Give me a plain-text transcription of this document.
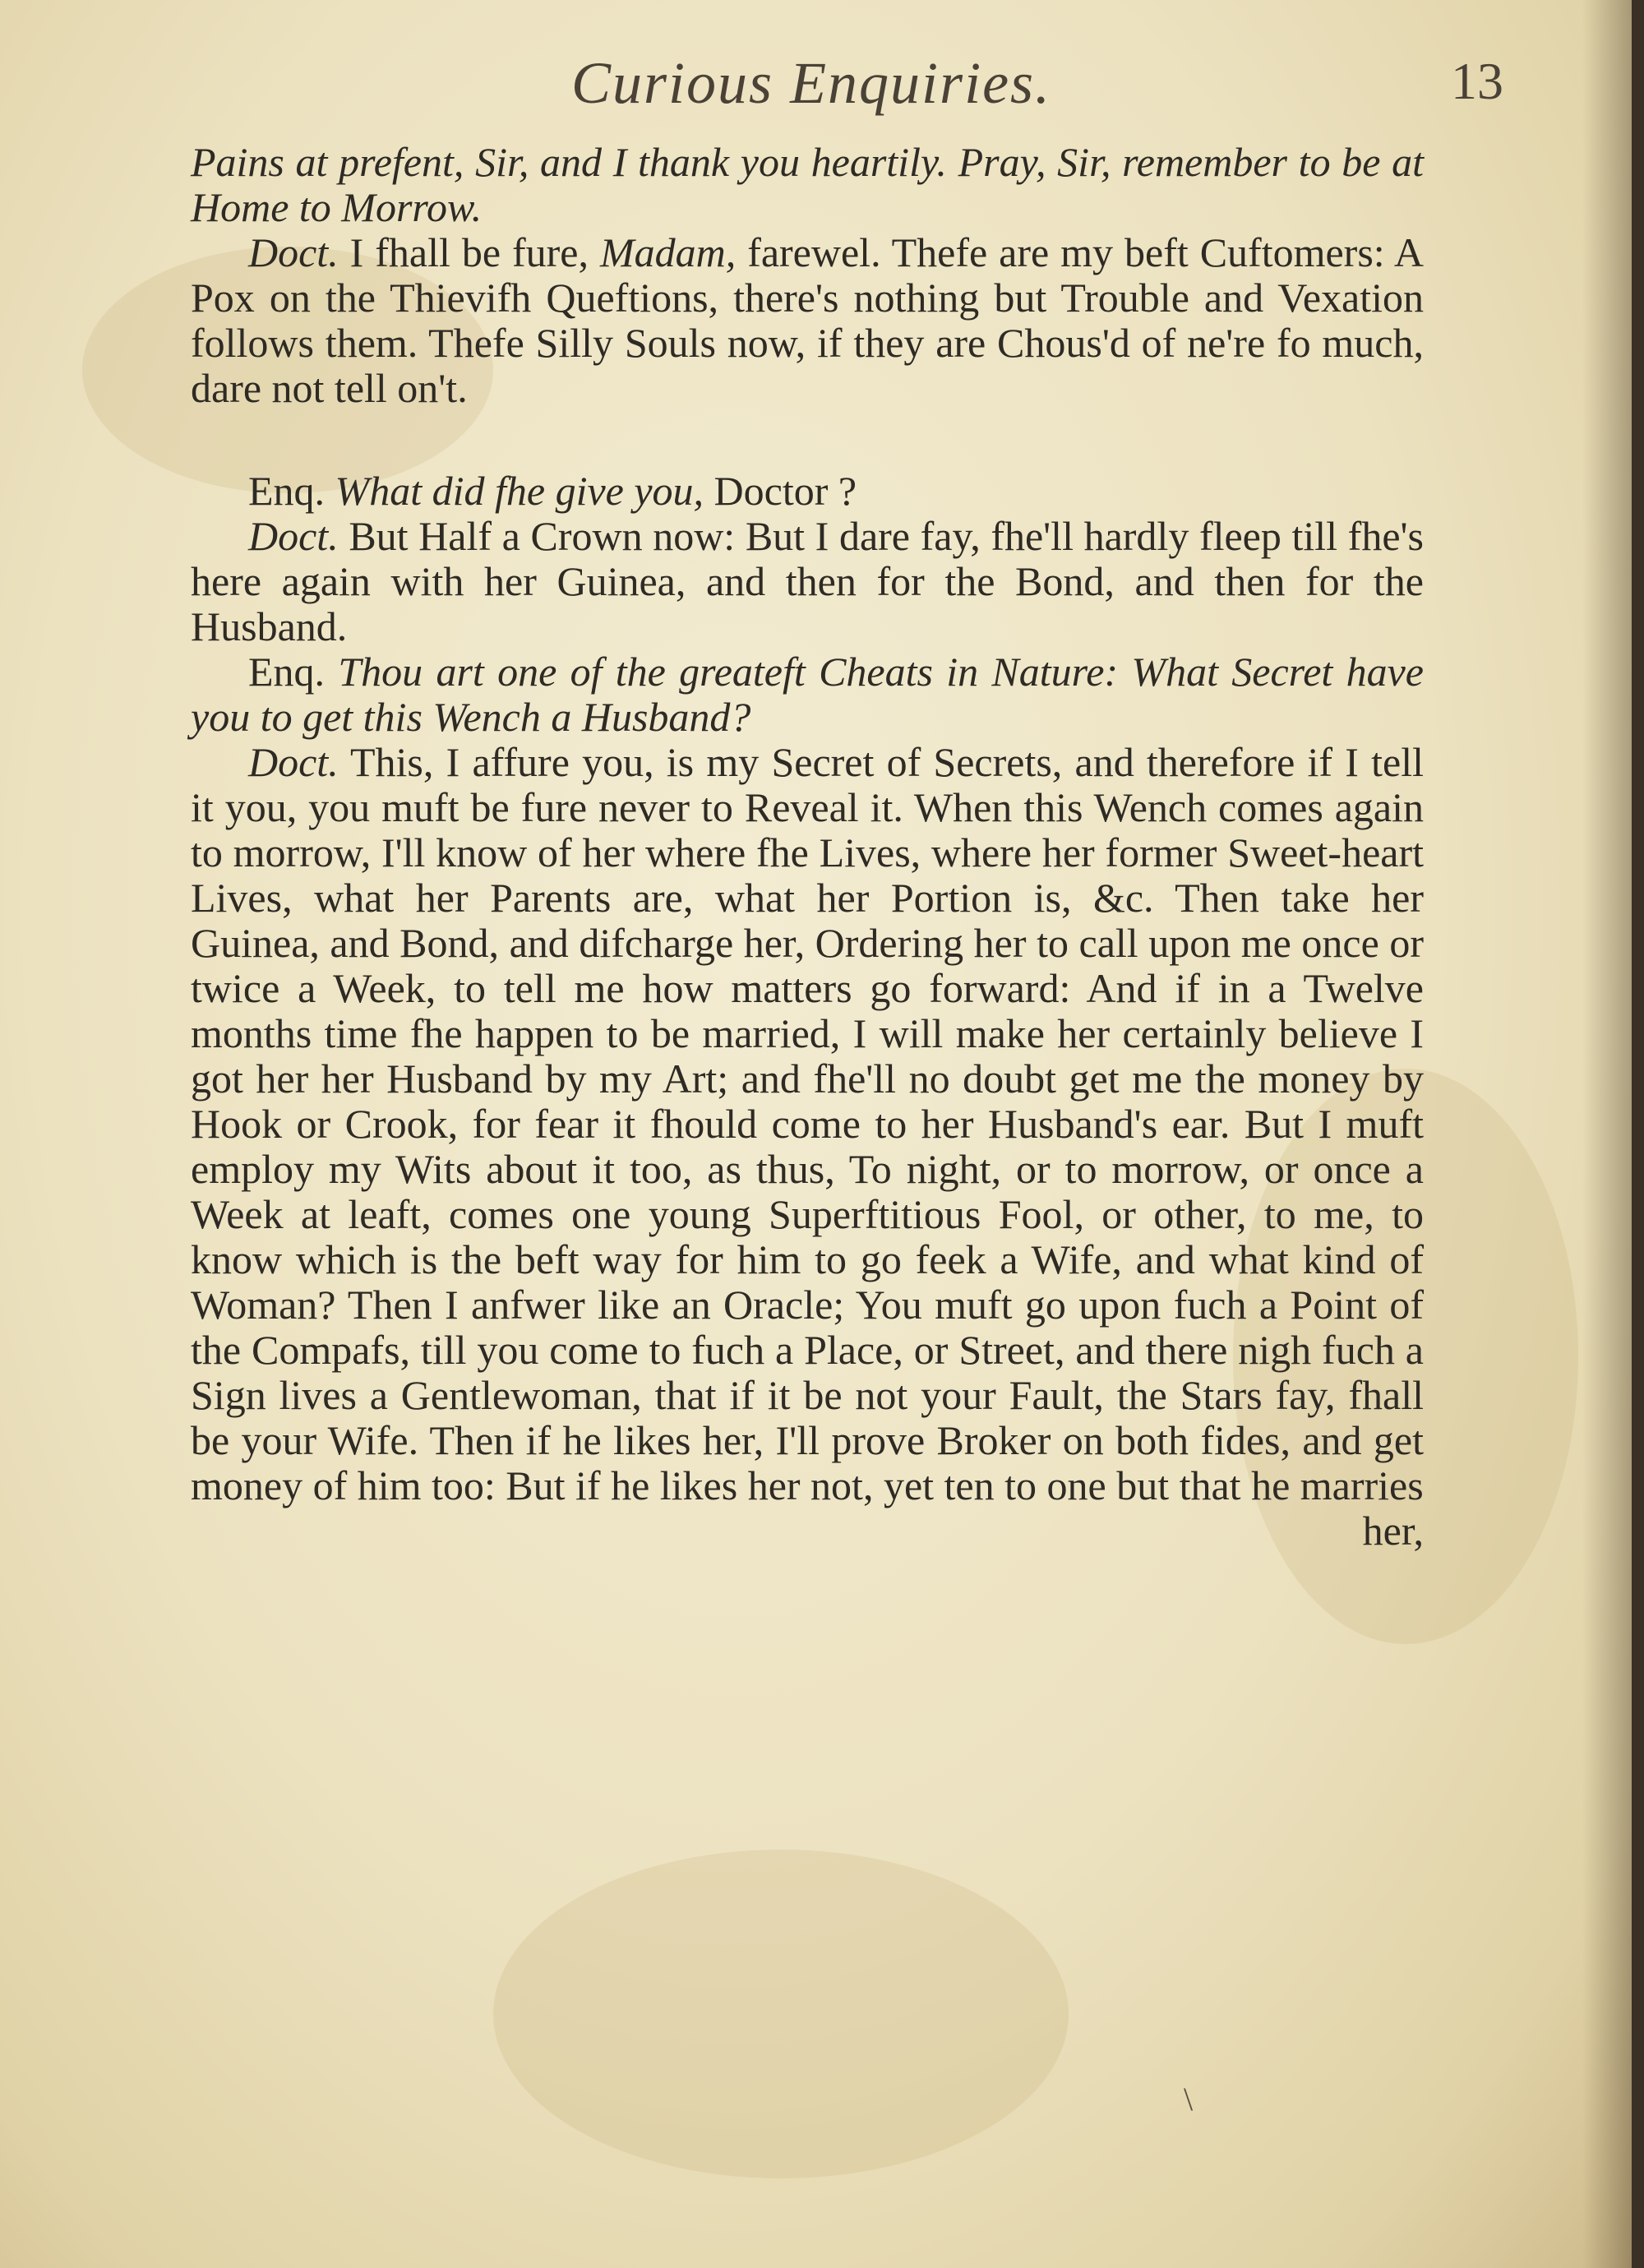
Curious Enquiries.	13

Pains at prefent, Sir, and I thank you heartily. Pray, Sir, remember to be at Home to Morrow.

Doct. I fhall be fure, Madam, farewel. Thefe are my beft Cuftomers: A Pox on the Thievifh Queftions, there's nothing but Trouble and Vexation follows them. Thefe Silly Souls now, if they are Chous'd of ne're fo much, dare not tell on't.

Enq. What did fhe give you, Doctor ?

Doct. But Half a Crown now: But I dare fay, fhe'll hardly fleep till fhe's here again with her Guinea, and then for the Bond, and then for the Husband.

Enq. Thou art one of the greateft Cheats in Nature: What Secret have you to get this Wench a Husband?

Doct. This, I affure you, is my Secret of Secrets, and therefore if I tell it you, you muft be fure never to Reveal it. When this Wench comes again to morrow, I'll know of her where fhe Lives, where her former Sweet-heart Lives, what her Parents are, what her Portion is, &c. Then take her Guinea, and Bond, and difcharge her, Ordering her to call upon me once or twice a Week, to tell me how matters go forward: And if in a Twelve months time fhe happen to be married, I will make her certainly believe I got her her Husband by my Art; and fhe'll no doubt get me the money by Hook or Crook, for fear it fhould come to her Husband's ear. But I muft employ my Wits about it too, as thus, To night, or to morrow, or once a Week at leaft, comes one young Superftitious Fool, or other, to me, to know which is the beft way for him to go feek a Wife, and what kind of Woman? Then I anfwer like an Oracle; You muft go upon fuch a Point of the Compafs, till you come to fuch a Place, or Street, and there nigh fuch a Sign lives a Gentlewoman, that if it be not your Fault, the Stars fay, fhall be your Wife. Then if he likes her, I'll prove Broker on both fides, and get money of him too: But if he likes her not, yet ten to one but that he marries

her,
\
